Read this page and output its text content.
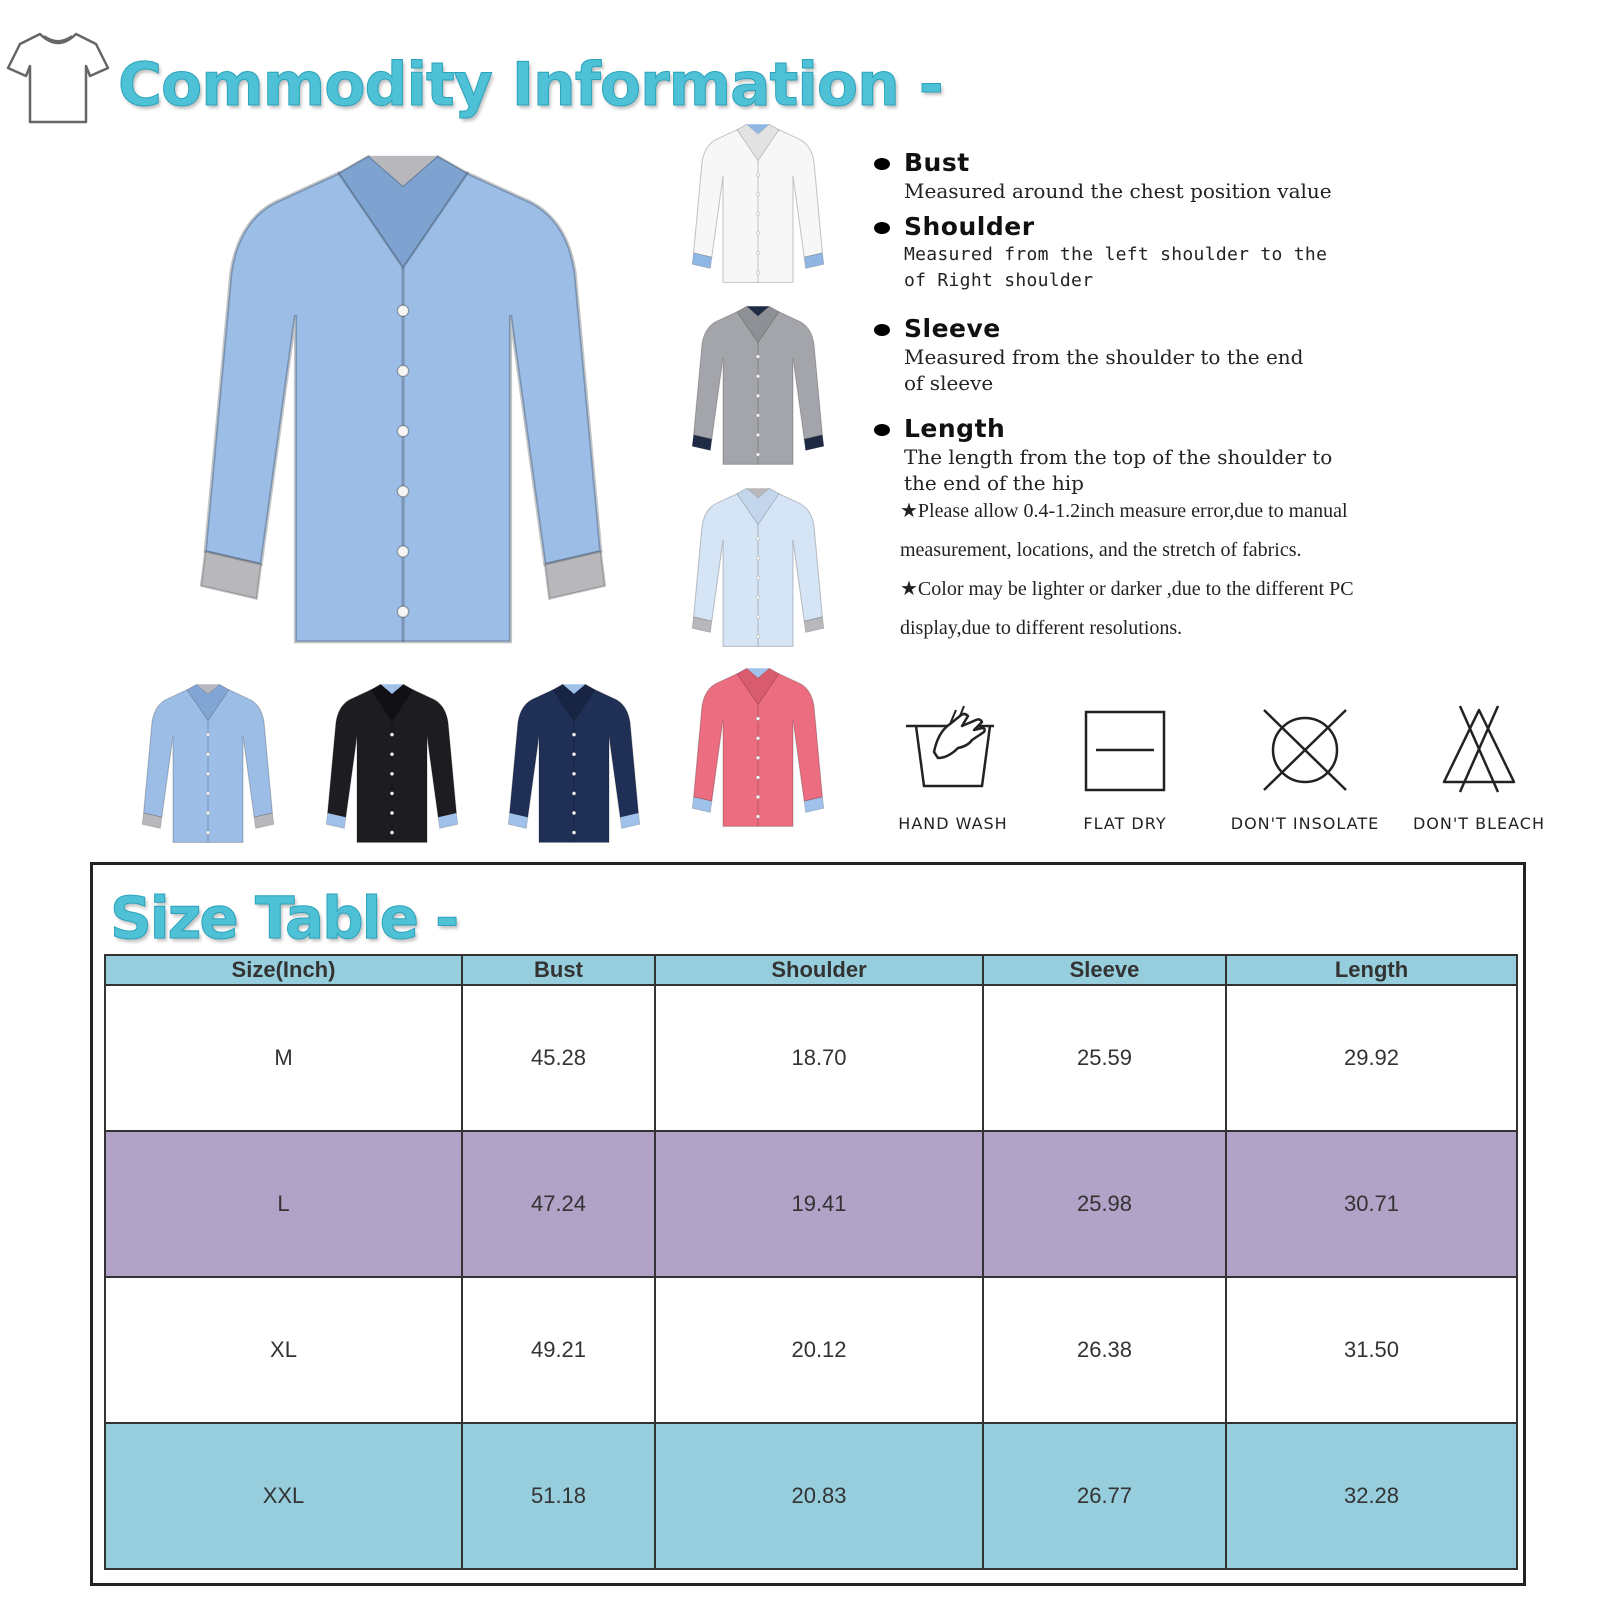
Commodity Information -
Bust
Measured around the chest position value
Shoulder
Measured from the left shoulder to the
of Right shoulder
Sleeve
Measured from the shoulder to the end
of sleeve
Length
The length from the top of the shoulder to
the end of the hip

★Please allow 0.4-1.2inch measure error,due to manual measurement, locations, and the stretch of fabrics.

★Color may be lighter or darker ,due to the different PC display,due to different resolutions.

HAND WASH	FLAT DRY	DON'T INSOLATE	DON'T BLEACH
Size Table -
Size(Inch)	Bust	Shoulder	Sleeve	Length
M	45.28	18.70	25.59	29.92
L	47.24	19.41	25.98	30.71
XL	49.21	20.12	26.38	31.50
XXL	51.18	20.83	26.77	32.28
